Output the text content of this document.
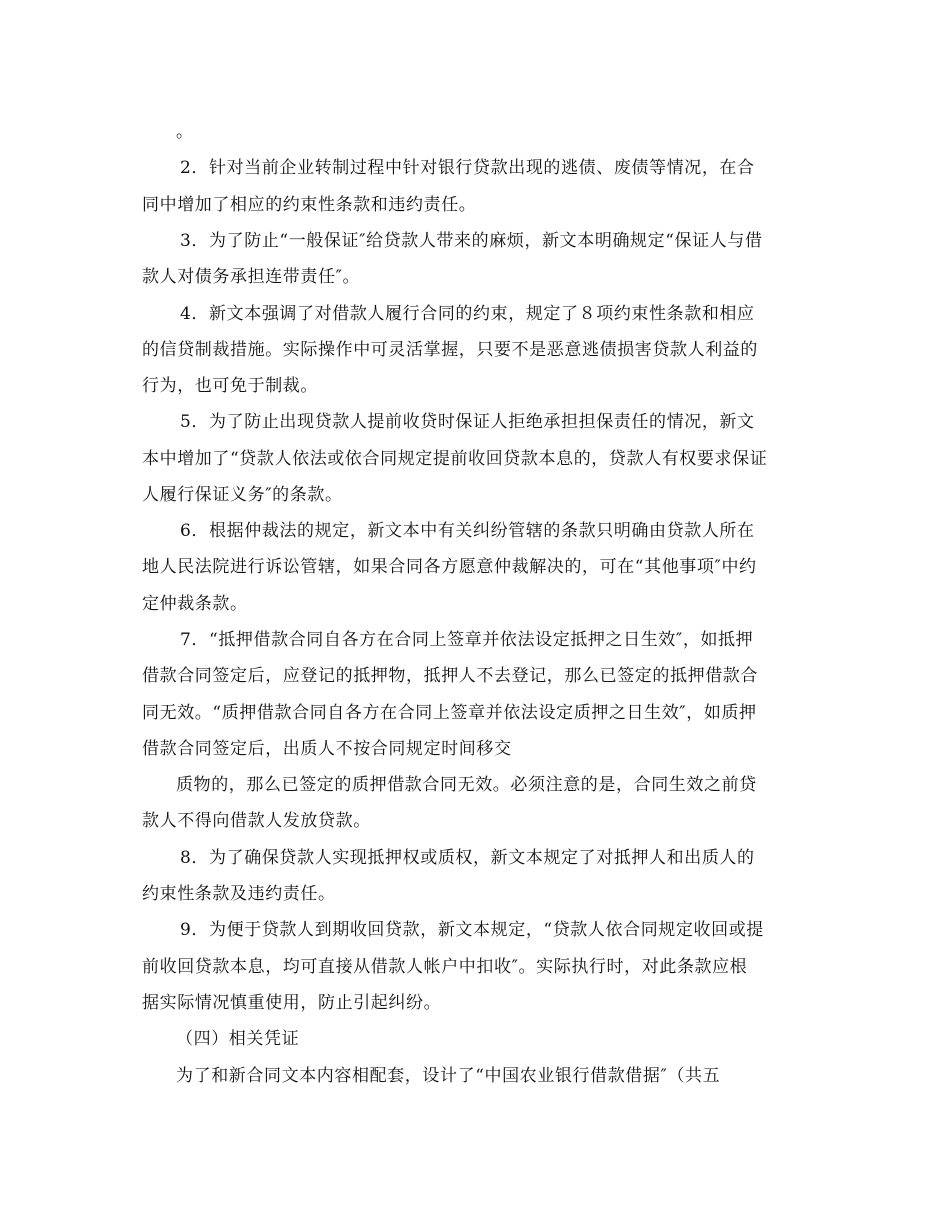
。
2．针对当前企业转制过程中针对银行贷款出现的逃债、废债等情况，在合
同中增加了相应的约束性条款和违约责任。
3．为了防止“一般保证″给贷款人带来的麻烦，新文本明确规定“保证人与借
款人对债务承担连带责任″。
4．新文本强调了对借款人履行合同的约束，规定了８项约束性条款和相应
的信贷制裁措施。实际操作中可灵活掌握，只要不是恶意逃债损害贷款人利益的
行为，也可免于制裁。
5．为了防止出现贷款人提前收贷时保证人拒绝承担担保责任的情况，新文
本中增加了“贷款人依法或依合同规定提前收回贷款本息的，贷款人有权要求保证
人履行保证义务″的条款。
6．根据仲裁法的规定，新文本中有关纠纷管辖的条款只明确由贷款人所在
地人民法院进行诉讼管辖，如果合同各方愿意仲裁解决的，可在“其他事项″中约
定仲裁条款。
7．“抵押借款合同自各方在合同上签章并依法设定抵押之日生效″，如抵押
借款合同签定后，应登记的抵押物，抵押人不去登记，那么已签定的抵押借款合
同无效。“质押借款合同自各方在合同上签章并依法设定质押之日生效″，如质押
借款合同签定后，出质人不按合同规定时间移交
质物的，那么已签定的质押借款合同无效。必须注意的是，合同生效之前贷
款人不得向借款人发放贷款。
8．为了确保贷款人实现抵押权或质权，新文本规定了对抵押人和出质人的
约束性条款及违约责任。
9．为便于贷款人到期收回贷款，新文本规定，“贷款人依合同规定收回或提
前收回贷款本息，均可直接从借款人帐户中扣收″。实际执行时，对此条款应根
据实际情况慎重使用，防止引起纠纷。
（四）相关凭证
为了和新合同文本内容相配套，设计了“中国农业银行借款借据″（共五
